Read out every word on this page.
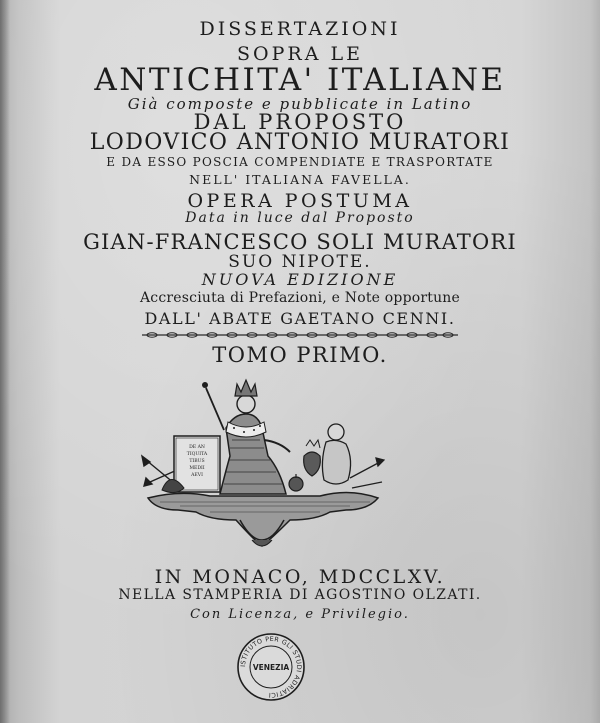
DISSERTAZIONI
SOPRA LE
ANTICHITA' ITALIANE
Già composte e pubblicate in Latino
DAL PROPOSTO
LODOVICO ANTONIO MURATORI
E DA ESSO POSCIA COMPENDIATE E TRASPORTATE
NELL' ITALIANA FAVELLA.
OPERA POSTUMA
Data in luce dal Proposto
GIAN-FRANCESCO SOLI MURATORI
SUO NIPOTE.
NUOVA EDIZIONE
Accresciuta di Prefazioni, e Note opportune
DALL' ABATE GAETANO CENNI.
TOMO PRIMO.
DE AN
TIQUITA
TIBUS
MEDII
AEVI
IN MONACO, MDCCLXV.
NELLA STAMPERIA DI AGOSTINO OLZATI.
Con Licenza, e Privilegio.
ISTITUTO PER GLI STUDI ADRIATICI
VENEZIA
